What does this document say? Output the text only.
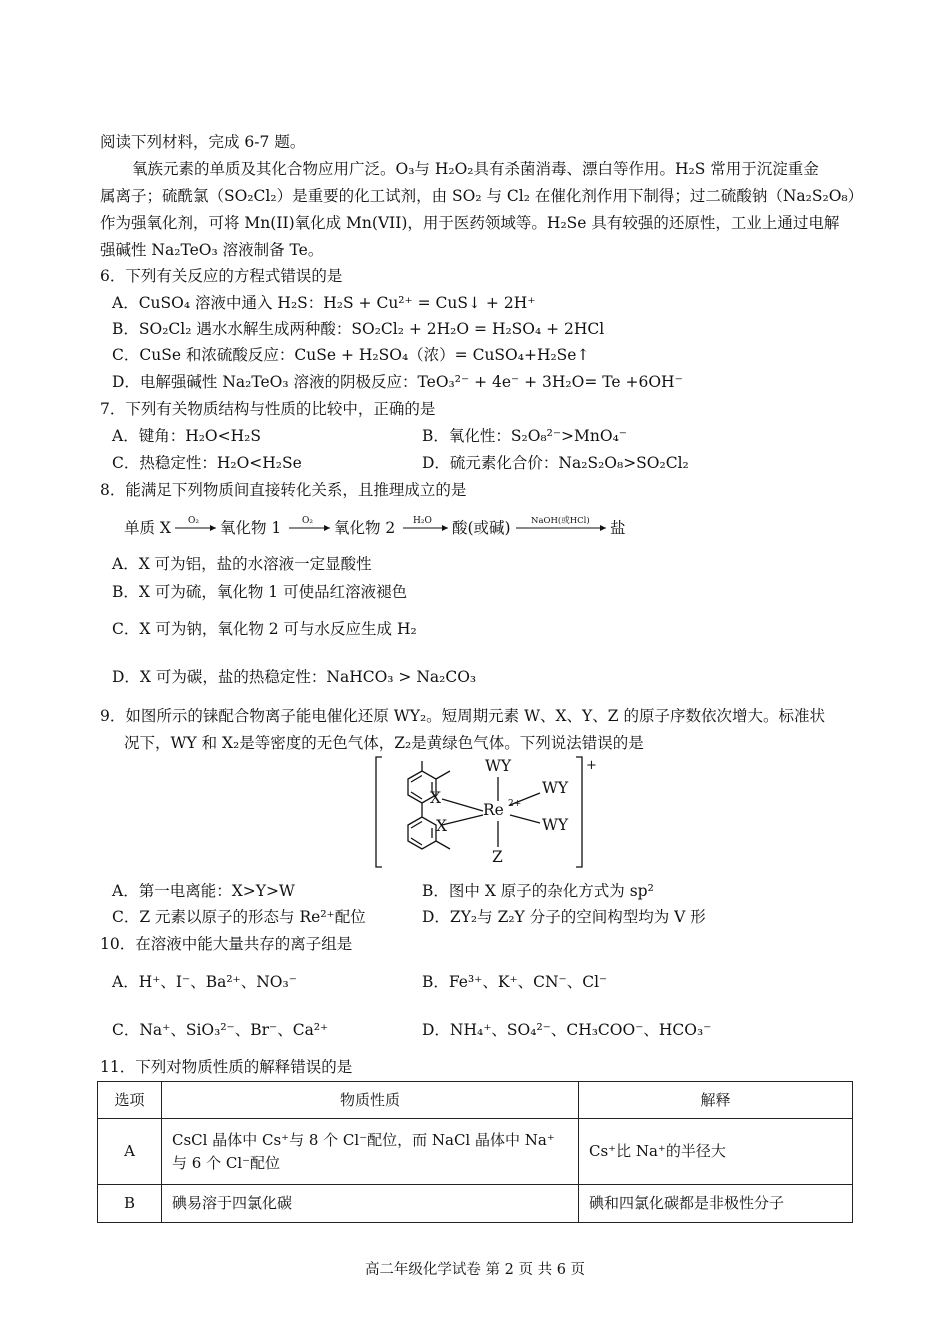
阅读下列材料，完成 6-7 题。
氧族元素的单质及其化合物应用广泛。O₃与 H₂O₂具有杀菌消毒、漂白等作用。H₂S 常用于沉淀重金
属离子；硫酰氯（SO₂Cl₂）是重要的化工试剂，由 SO₂ 与 Cl₂ 在催化剂作用下制得；过二硫酸钠（Na₂S₂O₈）
作为强氧化剂，可将 Mn(II)氧化成 Mn(VII)，用于医药领域等。H₂Se 具有较强的还原性，工业上通过电解
强碱性 Na₂TeO₃ 溶液制备 Te。
6．下列有关反应的方程式错误的是
A．CuSO₄ 溶液中通入 H₂S：H₂S + Cu²⁺ = CuS↓ + 2H⁺
B．SO₂Cl₂ 遇水水解生成两种酸：SO₂Cl₂ + 2H₂O = H₂SO₄ + 2HCl
C．CuSe 和浓硫酸反应：CuSe + H₂SO₄（浓）= CuSO₄+H₂Se↑
D．电解强碱性 Na₂TeO₃ 溶液的阴极反应：TeO₃²⁻ + 4e⁻ + 3H₂O= Te +6OH⁻
7．下列有关物质结构与性质的比较中，正确的是
A．键角：H₂O<H₂S	B．氧化性：S₂O₈²⁻>MnO₄⁻
C．热稳定性：H₂O<H₂Se	D．硫元素化合价：Na₂S₂O₈>SO₂Cl₂
8．能满足下列物质间直接转化关系，且推理成立的是
单质 X O₂ 氧化物 1 O₂ 氧化物 2 H₂O 酸(或碱) NaOH(或HCl) 盐
A．X 可为铝，盐的水溶液一定显酸性
B．X 可为硫，氧化物 1 可使品红溶液褪色
C．X 可为钠，氧化物 2 可与水反应生成 H₂
D．X 可为碳，盐的热稳定性：NaHCO₃ > Na₂CO₃
9．如图所示的铼配合物离子能电催化还原 WY₂。短周期元素 W、X、Y、Z 的原子序数依次增大。标准状
况下，WY 和 X₂是等密度的无色气体，Z₂是黄绿色气体。下列说法错误的是
X
X
Re 2+
WY
WY
WY
Z
+
A．第一电离能：X>Y>W	B．图中 X 原子的杂化方式为 sp²
C．Z 元素以原子的形态与 Re²⁺配位	D．ZY₂与 Z₂Y 分子的空间构型均为 V 形
10．在溶液中能大量共存的离子组是
A．H⁺、I⁻、Ba²⁺、NO₃⁻	B．Fe³⁺、K⁺、CN⁻、Cl⁻
C．Na⁺、SiO₃²⁻、Br⁻、Ca²⁺	D．NH₄⁺、SO₄²⁻、CH₃COO⁻、HCO₃⁻
11．下列对物质性质的解释错误的是
选项	物质性质	解释
A	CsCl 晶体中 Cs⁺与 8 个 Cl⁻配位，而 NaCl 晶体中 Na⁺与 6 个 Cl⁻配位	Cs⁺比 Na⁺的半径大
B	碘易溶于四氯化碳	碘和四氯化碳都是非极性分子
高二年级化学试卷 第 2 页 共 6 页
